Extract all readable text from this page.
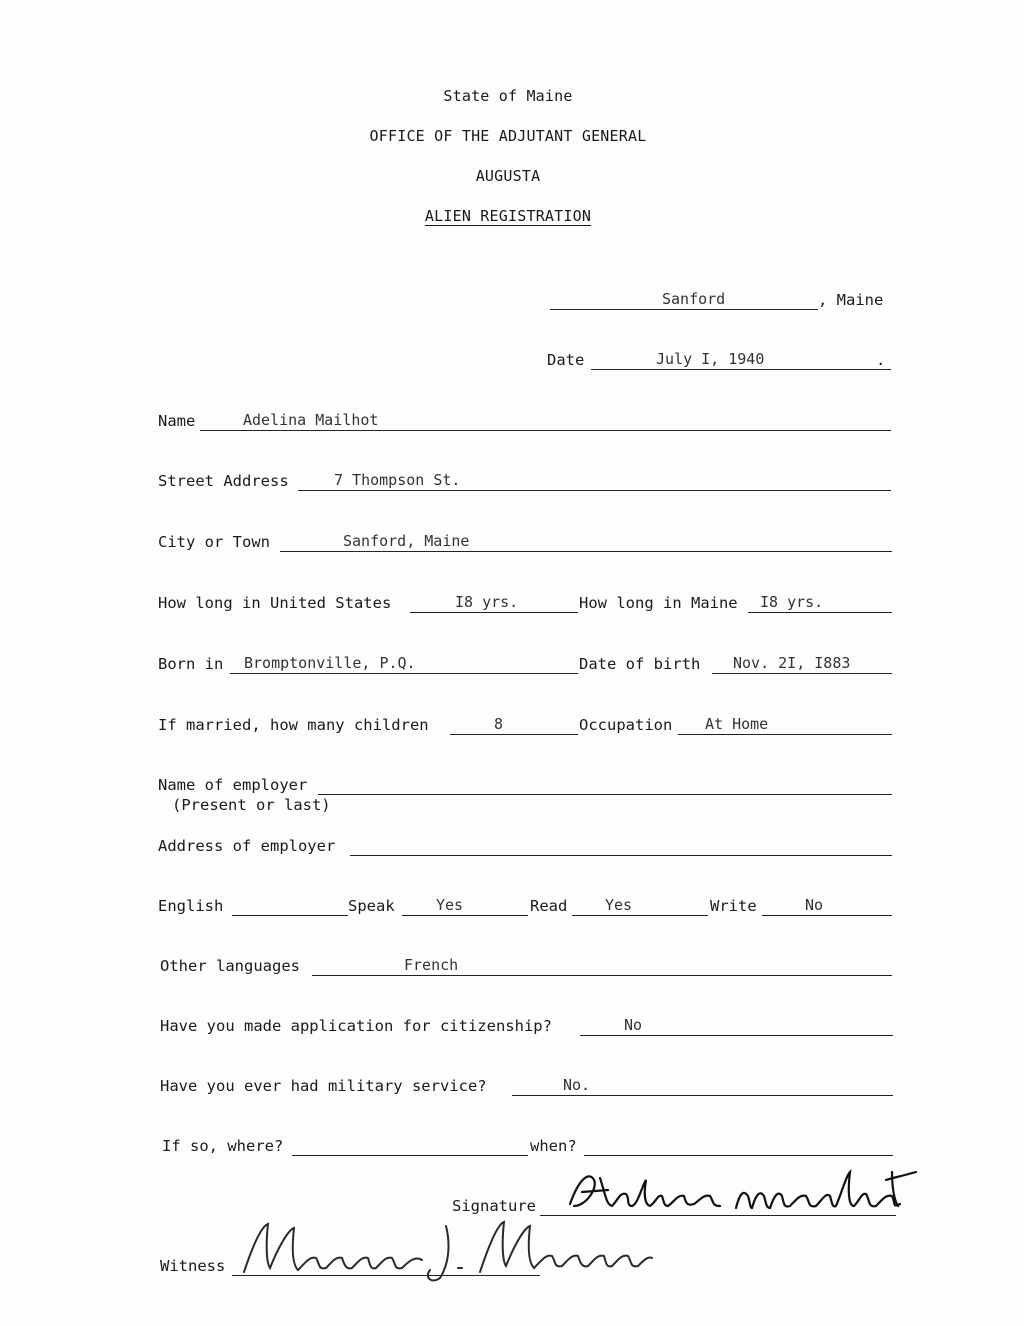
State of Maine
OFFICE OF THE ADJUTANT GENERAL
AUGUSTA
ALIEN REGISTRATION
Sanford	, Maine
Date	July I, 1940	.
Name	Adelina Mailhot
Street Address	7 Thompson St.
City or Town	Sanford, Maine
How long in United States	I8 yrs.	How long in Maine I8 yrs.
Born in Bromptonville, P.Q.	Date of birth Nov. 2I, I883
If married, how many children	8	Occupation At Home
Name of employer
(Present or last)
Address of employer
English	Speak	Yes	Read	Yes	Write	No
Other languages	French
Have you made application for citizenship?	No
Have you ever had military service?	No.
If so, where?	when?
Signature
Adelina Mailhot
Witness
Maurice J. Maurice
